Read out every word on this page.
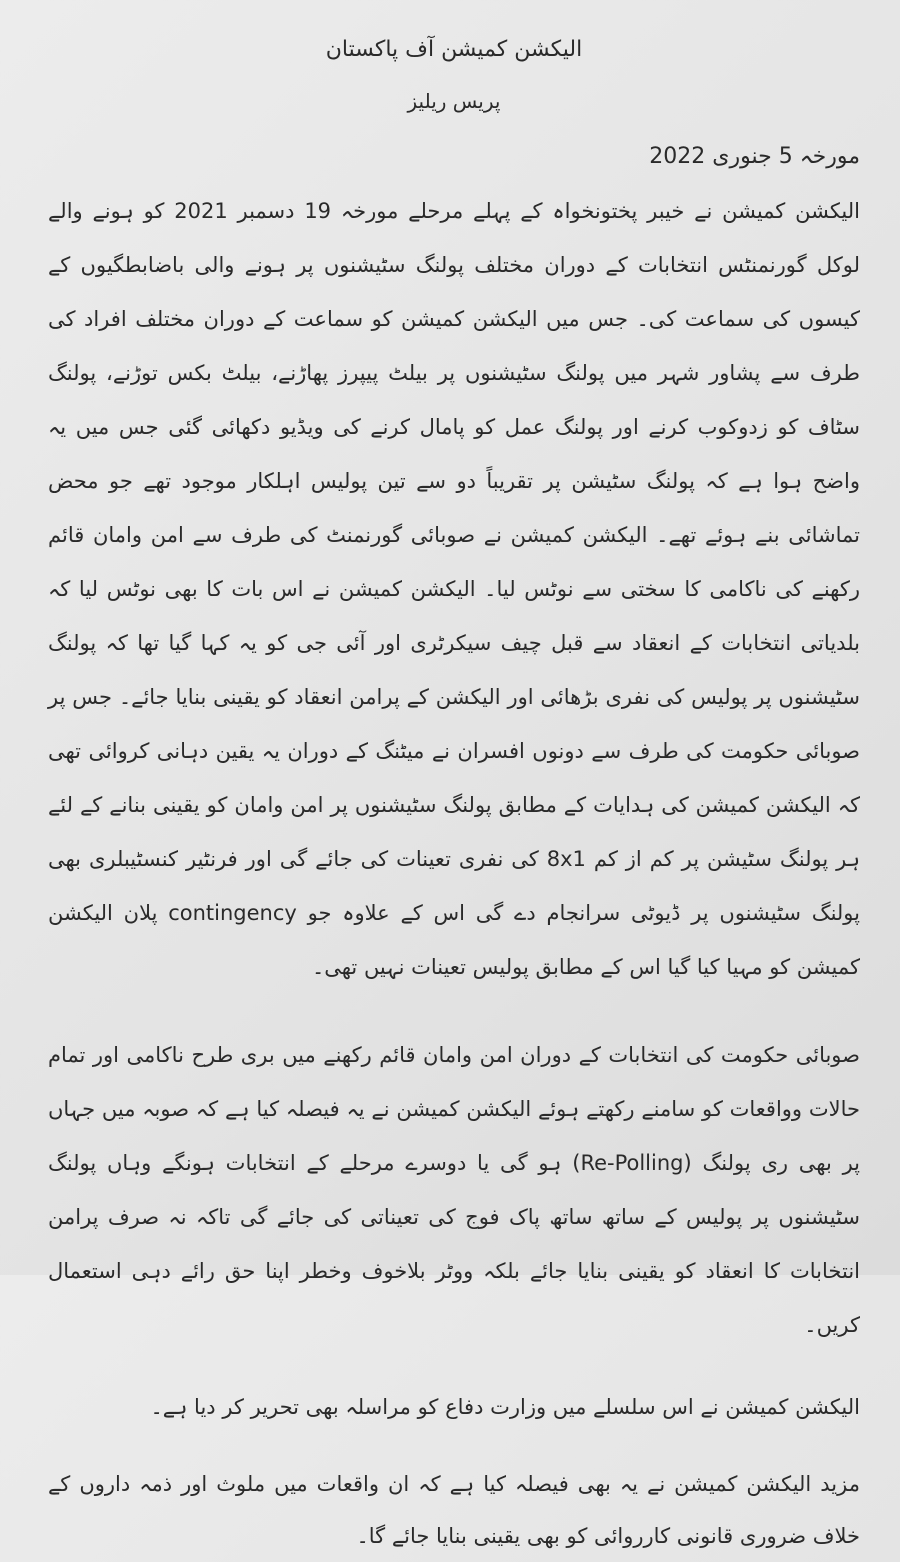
الیکشن کمیشن آف پاکستان
پریس ریلیز
مورخہ 5 جنوری 2022

الیکشن کمیشن نے خیبر پختونخواہ کے پہلے مرحلے مورخہ 19 دسمبر 2021 کو ہونے والے لوکل گورنمنٹس انتخابات کے دوران مختلف پولنگ سٹیشنوں پر ہونے والی باضابطگیوں کے کیسوں کی سماعت کی۔ جس میں الیکشن کمیشن کو سماعت کے دوران مختلف افراد کی طرف سے پشاور شہر میں پولنگ سٹیشنوں پر بیلٹ پیپرز پھاڑنے، بیلٹ بکس توڑنے، پولنگ سٹاف کو زدوکوب کرنے اور پولنگ عمل کو پامال کرنے کی ویڈیو دکھائی گئی جس میں یہ واضح ہوا ہے کہ پولنگ سٹیشن پر تقریباً دو سے تین پولیس اہلکار موجود تھے جو محض تماشائی بنے ہوئے تھے۔ الیکشن کمیشن نے صوبائی گورنمنٹ کی طرف سے امن وامان قائم رکھنے کی ناکامی کا سختی سے نوٹس لیا۔ الیکشن کمیشن نے اس بات کا بھی نوٹس لیا کہ بلدیاتی انتخابات کے انعقاد سے قبل چیف سیکرٹری اور آئی جی کو یہ کہا گیا تھا کہ پولنگ سٹیشنوں پر پولیس کی نفری بڑھائی اور الیکشن کے پرامن انعقاد کو یقینی بنایا جائے۔ جس پر صوبائی حکومت کی طرف سے دونوں افسران نے میٹنگ کے دوران یہ یقین دہانی کروائی تھی کہ الیکشن کمیشن کی ہدایات کے مطابق پولنگ سٹیشنوں پر امن وامان کو یقینی بنانے کے لئے ہر پولنگ سٹیشن پر کم از کم 8x1 کی نفری تعینات کی جائے گی اور فرنٹیر کنسٹیبلری بھی پولنگ سٹیشنوں پر ڈیوٹی سرانجام دے گی اس کے علاوہ جو contingency پلان الیکشن کمیشن کو مہیا کیا گیا اس کے مطابق پولیس تعینات نہیں تھی۔

صوبائی حکومت کی انتخابات کے دوران امن وامان قائم رکھنے میں بری طرح ناکامی اور تمام حالات وواقعات کو سامنے رکھتے ہوئے الیکشن کمیشن نے یہ فیصلہ کیا ہے کہ صوبہ میں جہاں پر بھی ری پولنگ (Re-Polling) ہو گی یا دوسرے مرحلے کے انتخابات ہونگے وہاں پولنگ سٹیشنوں پر پولیس کے ساتھ ساتھ پاک فوج کی تعیناتی کی جائے گی تاکہ نہ صرف پرامن انتخابات کا انعقاد کو یقینی بنایا جائے بلکہ ووٹر بلاخوف وخطر اپنا حق رائے دہی استعمال کریں۔

الیکشن کمیشن نے اس سلسلے میں وزارت دفاع کو مراسلہ بھی تحریر کر دیا ہے۔

مزید الیکشن کمیشن نے یہ بھی فیصلہ کیا ہے کہ ان واقعات میں ملوث اور ذمہ داروں کے خلاف ضروری قانونی کارروائی کو بھی یقینی بنایا جائے گا۔
